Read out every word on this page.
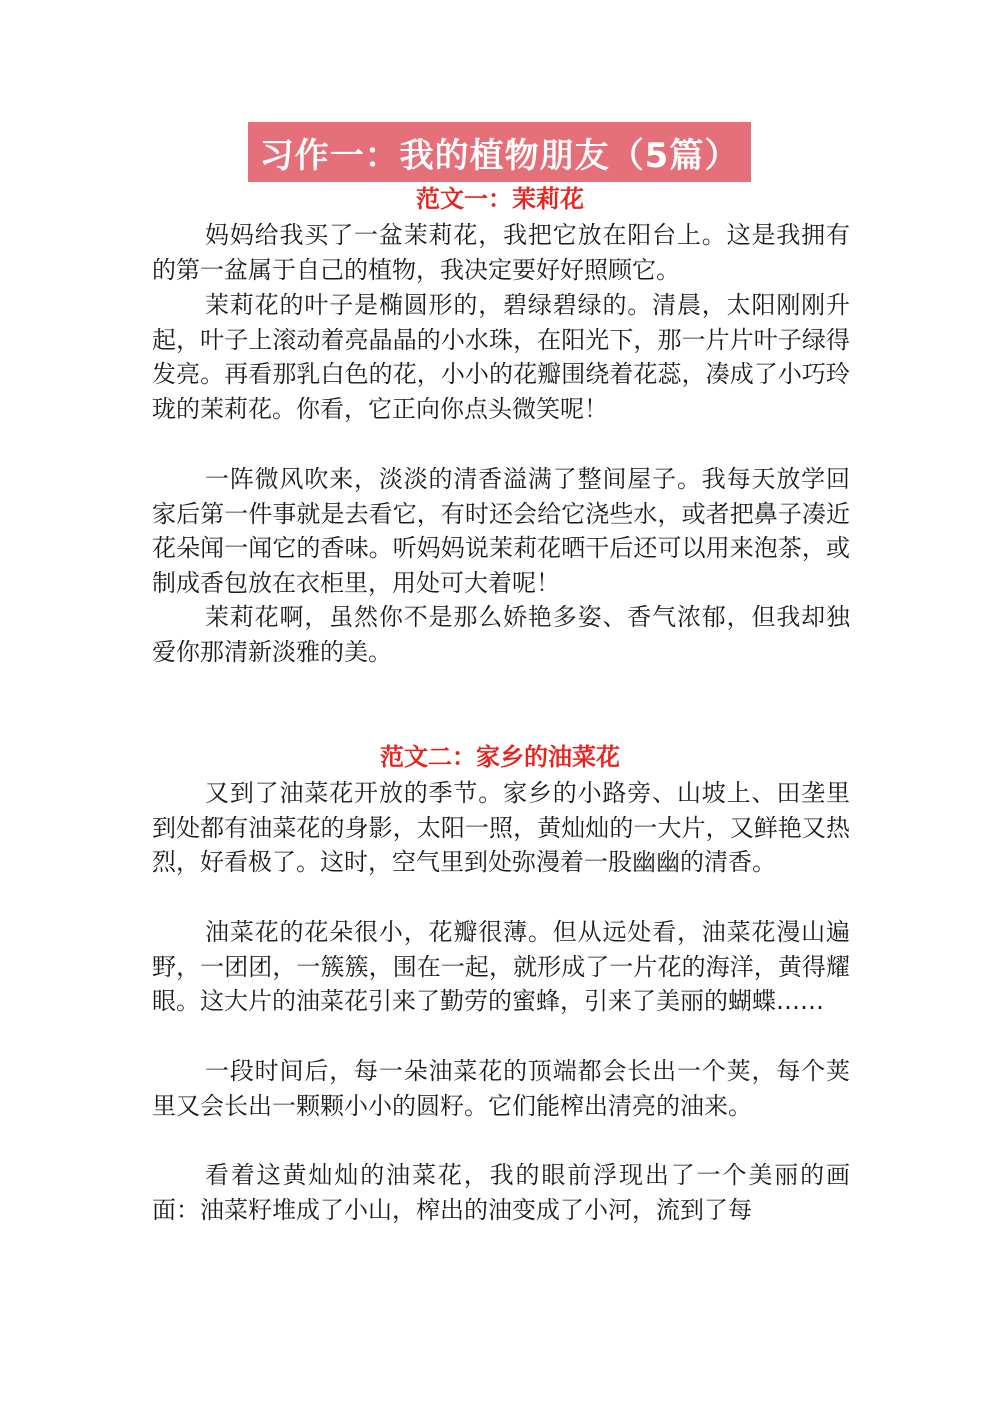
习作一：我的植物朋友（5篇）
范文一：茉莉花

妈妈给我买了一盆茉莉花，我把它放在阳台上。这是我拥有的第一盆属于自己的植物，我决定要好好照顾它。

茉莉花的叶子是椭圆形的，碧绿碧绿的。清晨，太阳刚刚升起，叶子上滚动着亮晶晶的小水珠，在阳光下，那一片片叶子绿得发亮。再看那乳白色的花，小小的花瓣围绕着花蕊，凑成了小巧玲珑的茉莉花。你看，它正向你点头微笑呢！

一阵微风吹来，淡淡的清香溢满了整间屋子。我每天放学回家后第一件事就是去看它，有时还会给它浇些水，或者把鼻子凑近花朵闻一闻它的香味。听妈妈说茉莉花晒干后还可以用来泡茶，或制成香包放在衣柜里，用处可大着呢！

茉莉花啊，虽然你不是那么娇艳多姿、香气浓郁，但我却独爱你那清新淡雅的美。

范文二：家乡的油菜花

又到了油菜花开放的季节。家乡的小路旁、山坡上、田垄里到处都有油菜花的身影，太阳一照，黄灿灿的一大片，又鲜艳又热烈，好看极了。这时，空气里到处弥漫着一股幽幽的清香。

油菜花的花朵很小，花瓣很薄。但从远处看，油菜花漫山遍野，一团团，一簇簇，围在一起，就形成了一片花的海洋，黄得耀眼。这大片的油菜花引来了勤劳的蜜蜂，引来了美丽的蝴蝶……

一段时间后，每一朵油菜花的顶端都会长出一个荚，每个荚里又会长出一颗颗小小的圆籽。它们能榨出清亮的油来。

看着这黄灿灿的油菜花，我的眼前浮现出了一个美丽的画面：油菜籽堆成了小山，榨出的油变成了小河，流到了每
